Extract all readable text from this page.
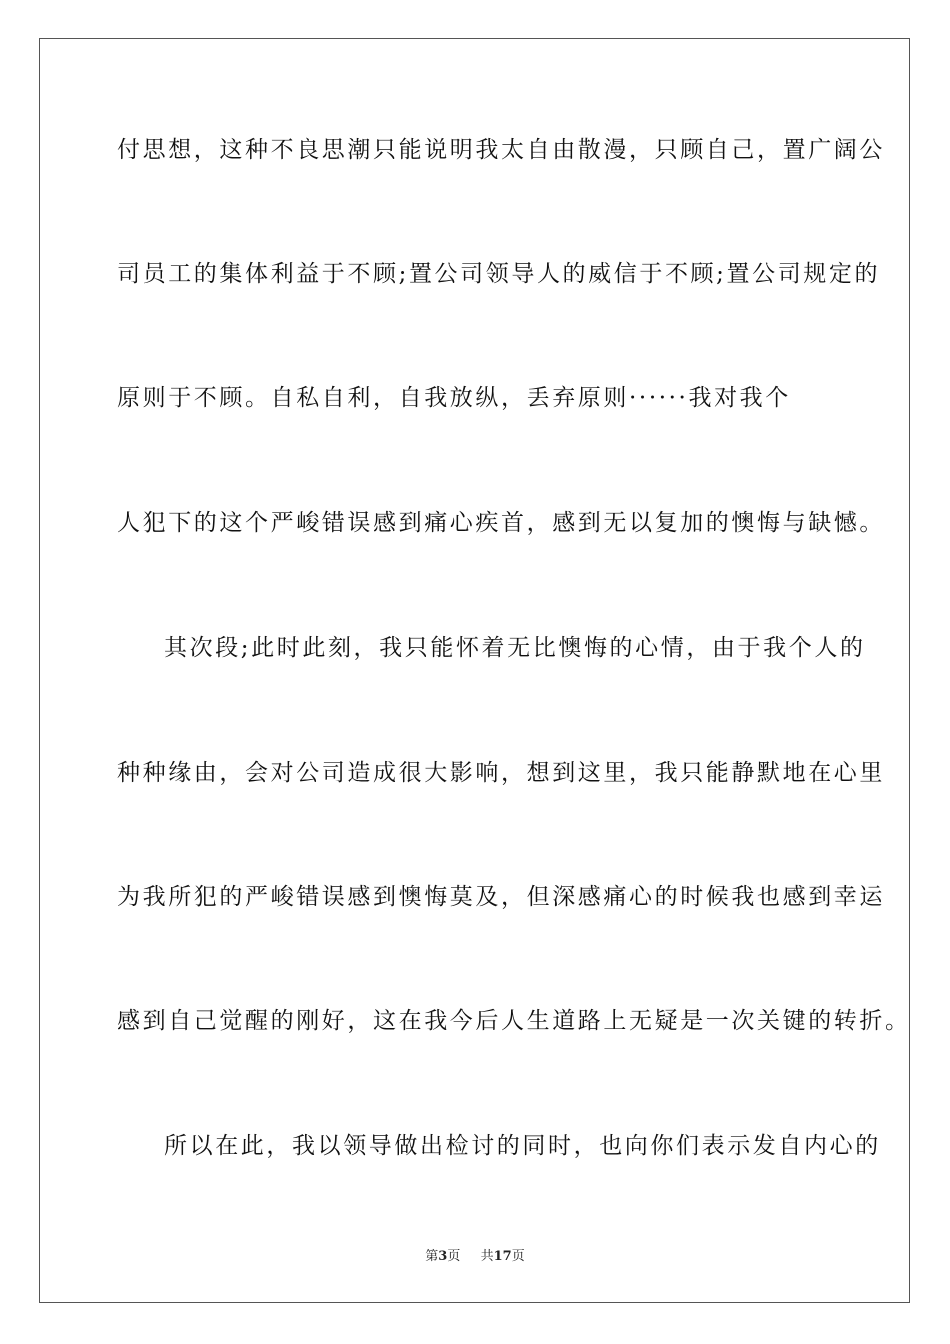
付思想，这种不良思潮只能说明我太自由散漫，只顾自己，置广阔公
司员工的集体利益于不顾;置公司领导人的威信于不顾;置公司规定的
原则于不顾。自私自利，自我放纵，丢弃原则······我对我个
人犯下的这个严峻错误感到痛心疾首，感到无以复加的懊悔与缺憾。
其次段;此时此刻，我只能怀着无比懊悔的心情，由于我个人的
种种缘由，会对公司造成很大影响，想到这里，我只能静默地在心里
为我所犯的严峻错误感到懊悔莫及，但深感痛心的时候我也感到幸运
感到自己觉醒的刚好，这在我今后人生道路上无疑是一次关键的转折。
所以在此，我以领导做出检讨的同时，也向你们表示发自内心的
第3页 共17页
